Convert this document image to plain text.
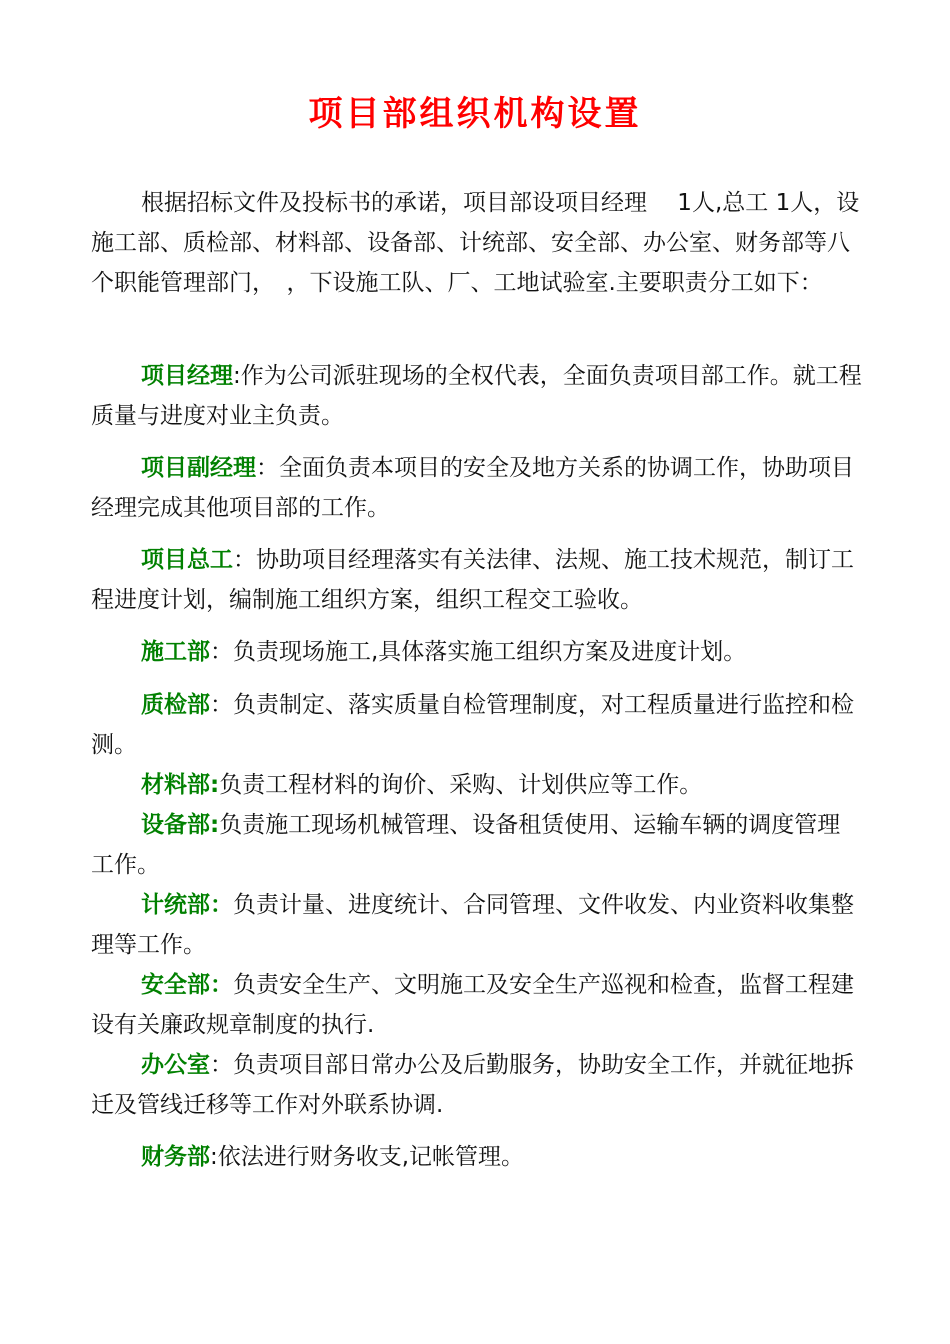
项目部组织机构设置

根据招标文件及投标书的承诺，项目部设项目经理　 1人,总工 1人，设施工部、质检部、材料部、设备部、计统部、安全部、办公室、财务部等八个职能管理部门，　，下设施工队、厂、工地试验室.主要职责分工如下：

项目经理:作为公司派驻现场的全权代表，全面负责项目部工作。就工程质量与进度对业主负责。

项目副经理：全面负责本项目的安全及地方关系的协调工作，协助项目经理完成其他项目部的工作。

项目总工：协助项目经理落实有关法律、法规、施工技术规范，制订工程进度计划，编制施工组织方案，组织工程交工验收。

施工部：负责现场施工,具体落实施工组织方案及进度计划。

质检部：负责制定、落实质量自检管理制度，对工程质量进行监控和检测。

材料部:负责工程材料的询价、采购、计划供应等工作。

设备部:负责施工现场机械管理、设备租赁使用、运输车辆的调度管理工作。

计统部：负责计量、进度统计、合同管理、文件收发、内业资料收集整理等工作。

安全部：负责安全生产、文明施工及安全生产巡视和检查，监督工程建设有关廉政规章制度的执行.

办公室：负责项目部日常办公及后勤服务，协助安全工作，并就征地拆迁及管线迁移等工作对外联系协调.

财务部:依法进行财务收支,记帐管理。
